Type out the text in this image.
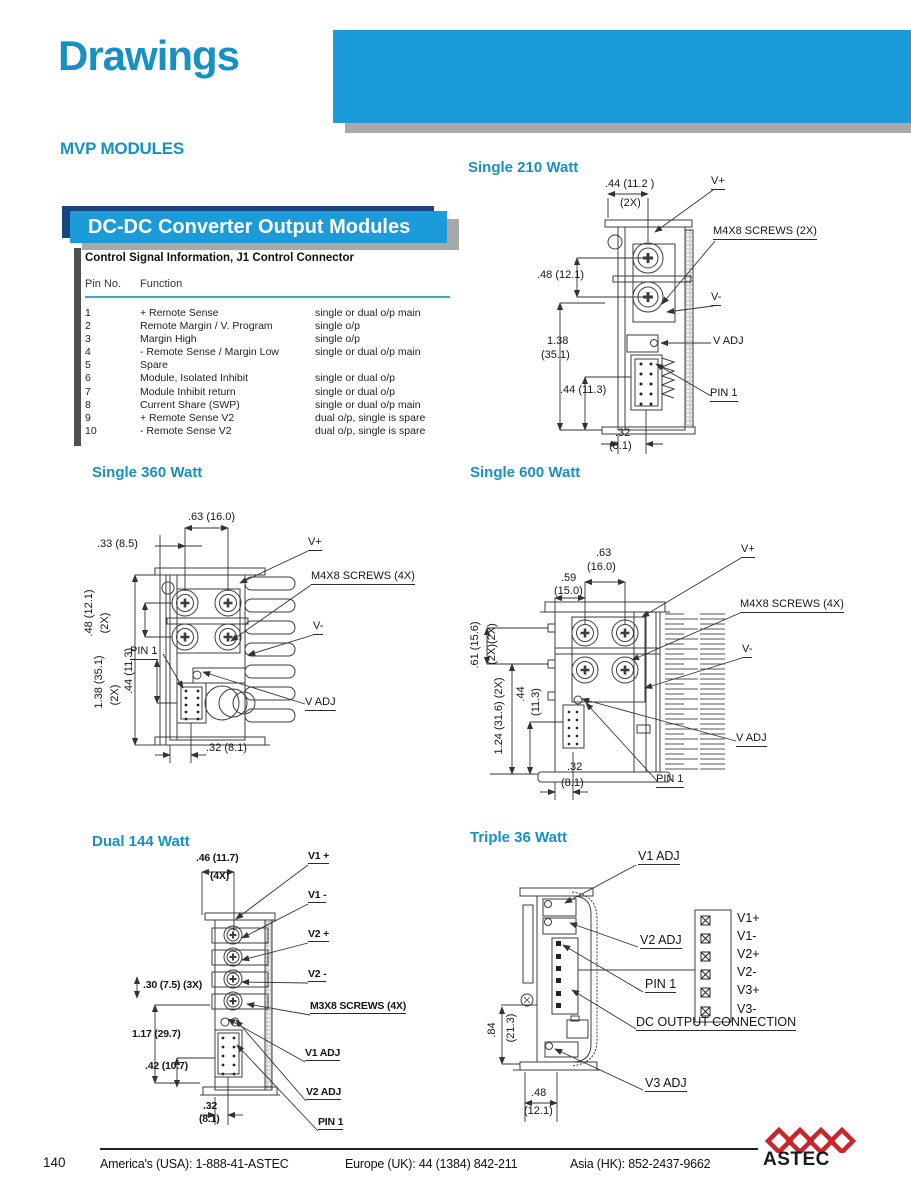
Drawings
MVP MODULES
DC-DC Converter Output Modules
Control Signal Information, J1 Control Connector
Pin No.	Function
1	+ Remote Sense	single or dual o/p main
2	Remote Margin / V. Program	single o/p
3	Margin High	single o/p
4	- Remote Sense / Margin Low	single or dual o/p main
5	Spare
6	Module, Isolated Inhibit	single or dual o/p
7	Module Inhibit return	single or dual o/p
8	Current Share (SWP)	single or dual o/p main
9	+ Remote Sense V2	dual o/p, single is spare
10	- Remote Sense V2	dual o/p, single is spare
Single 210 Watt
.44 (11.2 )
(2X)
V+
M4X8 SCREWS (2X)
.48 (12.1)
V-
1.38
(35.1)
V ADJ
.44 (11.3)	PIN 1
.32
(8.1)
Single 360 Watt
.63 (16.0)
.33 (8.5)	V+
M4X8 SCREWS (4X)
V-
.48 (12.1) (2X)
PIN 1
1.38 (35.1) (2X)
.44 (11.3)
V ADJ
.32 (8.1)
Single 600 Watt
.63
(16.0)
.59
(15.0)
V+
M4X8 SCREWS (4X)
V-
.61 (15.6) (2X)(2X)
1.24 (31.6) (2X) .44 (11.3)
V ADJ
PIN 1
.32
(8.1)
Dual 144 Watt
.46 (11.7)
(4X)
V1 +
V1 -
V2 +
V2 -
.30 (7.5) (3X)
M3X8 SCREWS (4X)
1.17 (29.7)
V1 ADJ
.42 (10.7)
V2 ADJ
.32
(8.1)	PIN 1
Triple 36 Watt
V1 ADJ
V2 ADJ
PIN 1
DC OUTPUT CONNECTION
V3 ADJ
.84 (21.3)
.48
(12.1)
V1+
V1-
V2+
V2-
V3+
V3-
140	America's (USA): 1-888-41-ASTEC	Europe (UK): 44 (1384) 842-211	Asia (HK): 852-2437-9662	ASTEC
